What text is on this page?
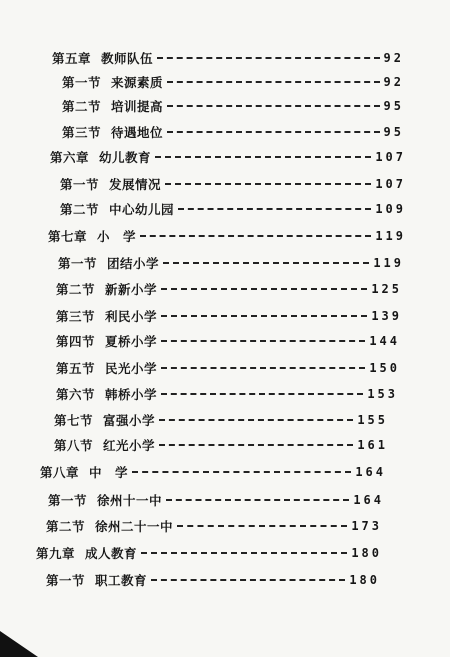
第五章 教师队伍	92
第一节 来源素质	92
第二节 培训提高	95
第三节 待遇地位	95
第六章 幼儿教育	107
第一节 发展情况	107
第二节 中心幼儿园	109
第七章 小　学	119
第一节 团结小学	119
第二节 新新小学	125
第三节 利民小学	139
第四节 夏桥小学	144
第五节 民光小学	150
第六节 韩桥小学	153
第七节 富强小学	155
第八节 红光小学	161
第八章 中　学	164
第一节 徐州十一中	164
第二节 徐州二十一中	173
第九章 成人教育	180
第一节 职工教育	180
